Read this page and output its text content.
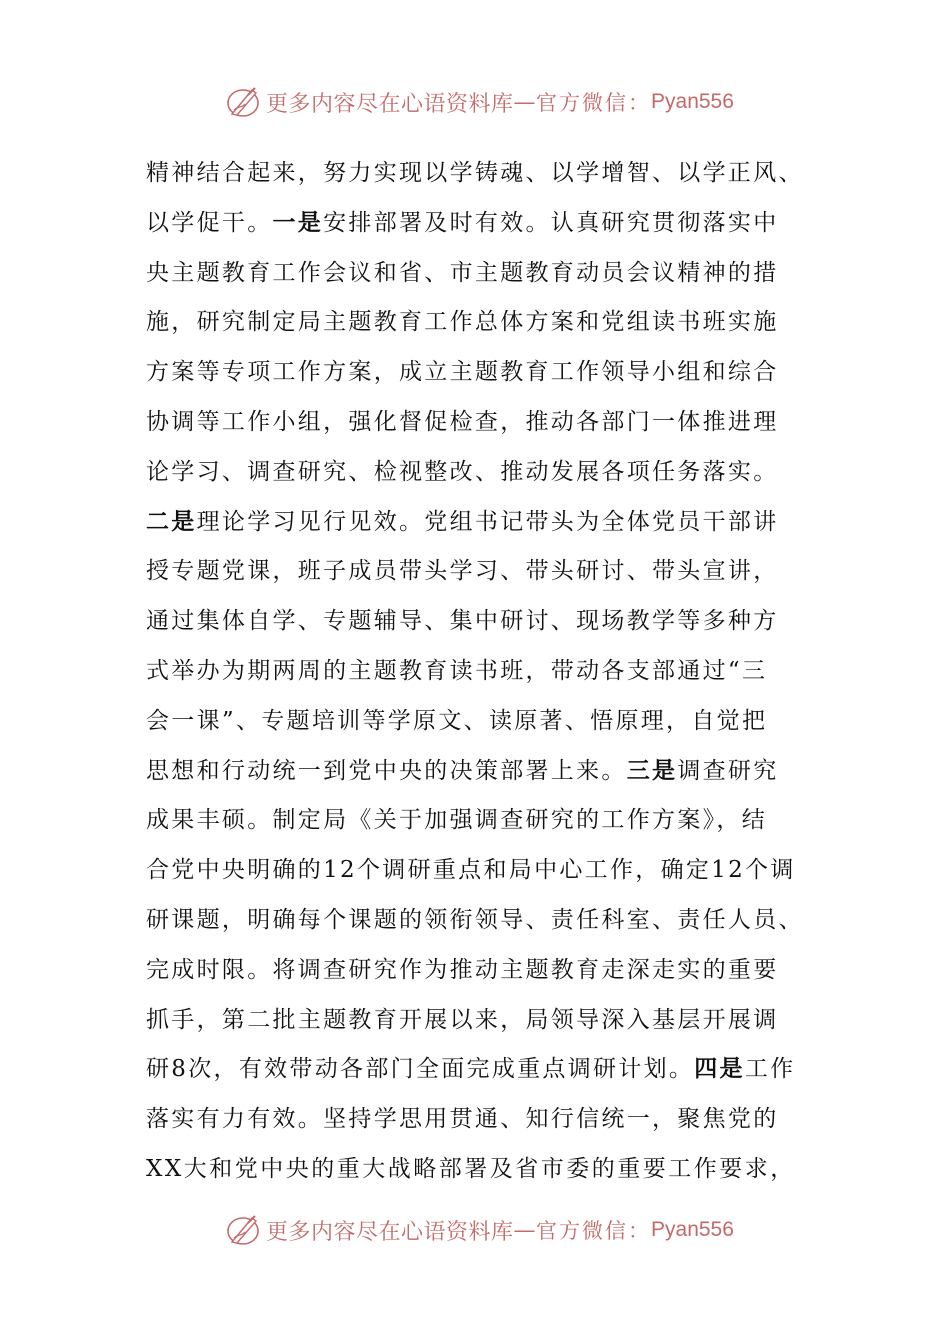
更多内容尽在心语资料库 — 官方微信： Pyan556
精神结合起来，努力实现以学铸魂、以学增智、以学正风、
以学促干。一是安排部署及时有效。认真研究贯彻落实中
央主题教育工作会议和省、市主题教育动员会议精神的措
施，研究制定局主题教育工作总体方案和党组读书班实施
方案等专项工作方案，成立主题教育工作领导小组和综合
协调等工作小组，强化督促检查，推动各部门一体推进理
论学习、调查研究、检视整改、推动发展各项任务落实。
二是理论学习见行见效。党组书记带头为全体党员干部讲
授专题党课，班子成员带头学习、带头研讨、带头宣讲，
通过集体自学、专题辅导、集中研讨、现场教学等多种方
式举办为期两周的主题教育读书班，带动各支部通过“三
会一课”、专题培训等学原文、读原著、悟原理，自觉把
思想和行动统一到党中央的决策部署上来。三是调查研究
成果丰硕。制定局《关于加强调查研究的工作方案》，结
合党中央明确的12个调研重点和局中心工作，确定12个调
研课题，明确每个课题的领衔领导、责任科室、责任人员、
完成时限。将调查研究作为推动主题教育走深走实的重要
抓手，第二批主题教育开展以来，局领导深入基层开展调
研8次，有效带动各部门全面完成重点调研计划。四是工作
落实有力有效。坚持学思用贯通、知行信统一，聚焦党的
XX大和党中央的重大战略部署及省市委的重要工作要求，
更多内容尽在心语资料库 — 官方微信： Pyan556
